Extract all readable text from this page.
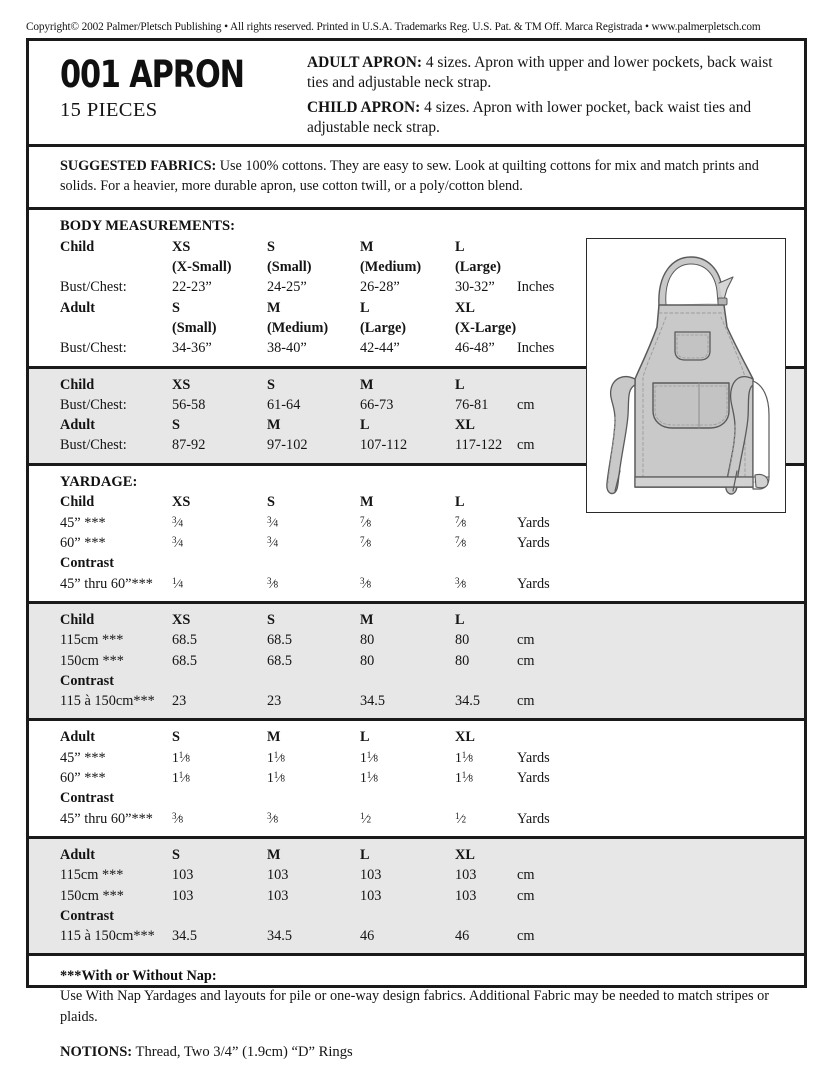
Copyright© 2002 Palmer/Pletsch Publishing • All rights reserved. Printed in U.S.A. Trademarks Reg. U.S. Pat. & TM Off. Marca Registrada • www.palmerpletsch.com
001 APRON
15 PIECES
ADULT APRON: 4 sizes. Apron with upper and lower pockets, back waist ties and adjustable neck strap.
CHILD APRON: 4 sizes. Apron with lower pocket, back waist ties and adjustable neck strap.
SUGGESTED FABRICS: Use 100% cottons. They are easy to sew. Look at quilting cottons for mix and match prints and solids. For a heavier, more durable apron, use cotton twill, or a poly/cotton blend.
BODY MEASUREMENTS:
Child	XS	S	M	L
(X-Small)	(Small)	(Medium)	(Large)
Bust/Chest:	22-23”	24-25”	26-28”	30-32”	Inches
Adult	S	M	L	XL
(Small)	(Medium)	(Large)	(X-Large)
Bust/Chest:	34-36”	38-40”	42-44”	46-48”	Inches
Child	XS	S	M	L
Bust/Chest:	56-58	61-64	66-73	76-81	cm
Adult	S	M	L	XL
Bust/Chest:	87-92	97-102	107-112	117-122	cm
YARDAGE:
Child	XS	S	M	L
45” ***	$^3⁄_4$	$^3⁄_4$	$^7⁄_8$	$^7⁄_8$	Yards
60” ***	$^3⁄_4$	$^3⁄_4$	$^7⁄_8$	$^7⁄_8$	Yards
Contrast
45” thru 60”***	$^1⁄_4$	$^3⁄_8$	$^3⁄_8$	$^3⁄_8$	Yards
Child	XS	S	M	L
115cm ***	68.5	68.5	80	80	cm
150cm ***	68.5	68.5	80	80	cm
Contrast
115 à 150cm***	23	23	34.5	34.5	cm
Adult	S	M	L	XL
45” ***	$1^1⁄_8$	$1^1⁄_8$	$1^1⁄_8$	$1^1⁄_8$	Yards
60” ***	$1^1⁄_8$	$1^1⁄_8$	$1^1⁄_8$	$1^1⁄_8$	Yards
Contrast
45” thru 60”***	$^3⁄_8$	$^3⁄_8$	$^1⁄_2$	$^1⁄_2$	Yards
Adult	S	M	L	XL
115cm ***	103	103	103	103	cm
150cm ***	103	103	103	103	cm
Contrast
115 à 150cm***	34.5	34.5	46	46	cm
***With or Without Nap:
Use With Nap Yardages and layouts for pile or one-way design fabrics. Additional Fabric may be needed to match stripes or plaids.
NOTIONS: Thread, Two 3/4” (1.9cm) “D” Rings
